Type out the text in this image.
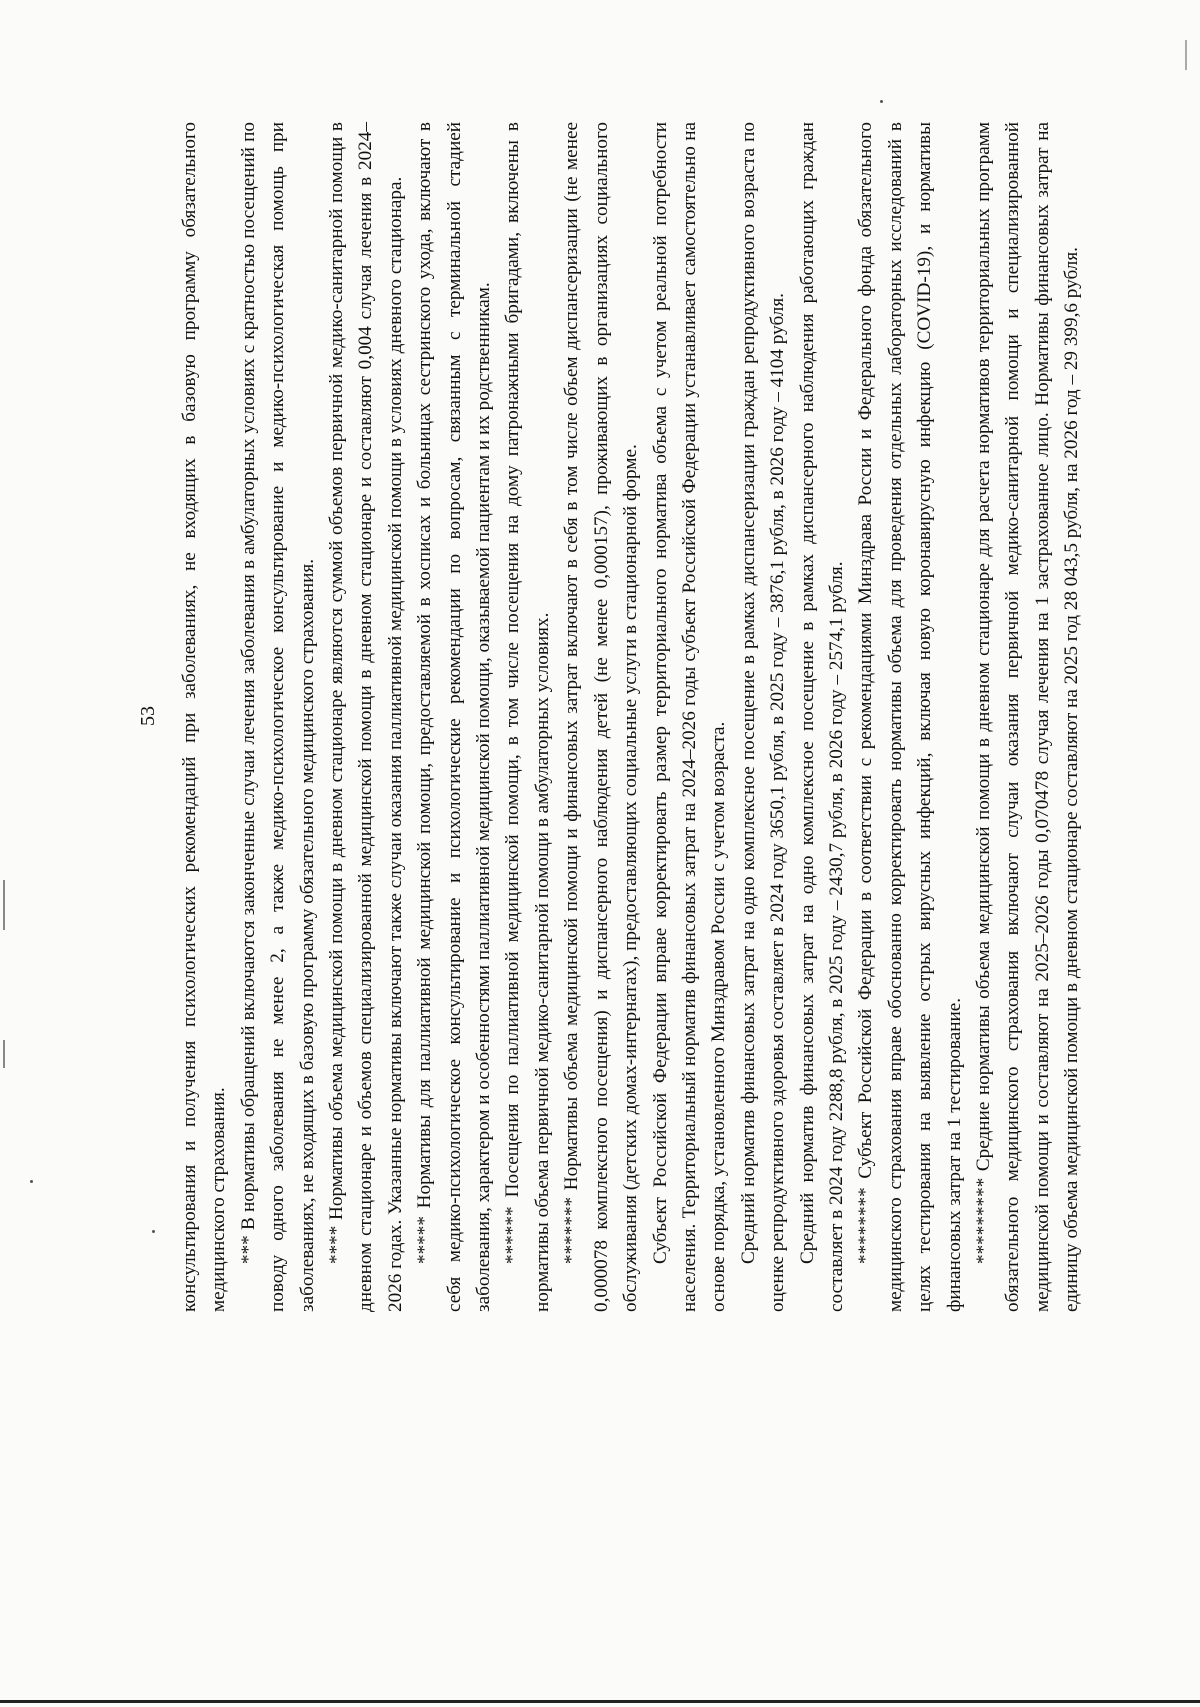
53 консультирования и получения психологических рекомендаций при заболеваниях, не входящих в базовую программу обязательного медицинского страхования. *** В нормативы обращений включаются законченные случаи лечения заболевания в амбулаторных условиях с кратностью посещений по поводу одного заболевания не менее 2, а также медико-психологическое консультирование и медико-психологическая помощь при заболеваниях, не входящих в базовую программу обязательного медицинского страхования. **** Нормативы объема медицинской помощи в дневном стационаре являются суммой объемов первичной медико-санитарной помощи в дневном стационаре и объемов специализированной медицинской помощи в дневном стационаре и составляют 0,004 случая лечения в 2024–2026 годах. Указанные нормативы включают также случаи оказания паллиативной медицинской помощи в условиях дневного стационара. ***** Нормативы для паллиативной медицинской помощи, предоставляемой в хосписах и больницах сестринского ухода, включают в себя медико-психологическое консультирование и психологические рекомендации по вопросам, связанным с терминальной стадией заболевания, характером и особенностями паллиативной медицинской помощи, оказываемой пациентам и их родственникам. ****** Посещения по паллиативной медицинской помощи, в том числе посещения на дому патронажными бригадами, включены в нормативы объема первичной медико-санитарной помощи в амбулаторных условиях. ******* Нормативы объема медицинской помощи и финансовых затрат включают в себя в том числе объем диспансеризации (не менее 0,000078 комплексного посещения) и диспансерного наблюдения детей (не менее 0,000157), проживающих в организациях социального обслуживания (детских домах-интернатах), предоставляющих социальные услуги в стационарной форме. Субъект Российской Федерации вправе корректировать размер территориального норматива объема с учетом реальной потребности населения. Территориальный норматив финансовых затрат на 2024–2026 годы субъект Российской Федерации устанавливает самостоятельно на основе порядка, установленного Минздравом России с учетом возраста. Средний норматив финансовых затрат на одно комплексное посещение в рамках диспансеризации граждан репродуктивного возраста по оценке репродуктивного здоровья составляет в 2024 году 3650,1 рубля, в 2025 году – 3876,1 рубля, в 2026 году – 4104 рубля. Средний норматив финансовых затрат на одно комплексное посещение в рамках диспансерного наблюдения работающих граждан составляет в 2024 году 2288,8 рубля, в 2025 году – 2430,7 рубля, в 2026 году – 2574,1 рубля. ******** Субъект Российской Федерации в соответствии с рекомендациями Минздрава России и Федерального фонда обязательного медицинского страхования вправе обоснованно корректировать нормативы объема для проведения отдельных лабораторных исследований в целях тестирования на выявление острых вирусных инфекций, включая новую коронавирусную инфекцию (COVID-19), и нормативы финансовых затрат на 1 тестирование. ********* Средние нормативы объема медицинской помощи в дневном стационаре для расчета нормативов территориальных программ обязательного медицинского страхования включают случаи оказания первичной медико-санитарной помощи и специализированной медицинской помощи и составляют на 2025–2026 годы 0,070478 случая лечения на 1 застрахованное лицо. Нормативы финансовых затрат на единицу объема медицинской помощи в дневном стационаре составляют на 2025 год 28 043,5 рубля, на 2026 год – 29 399,6 рубля.
